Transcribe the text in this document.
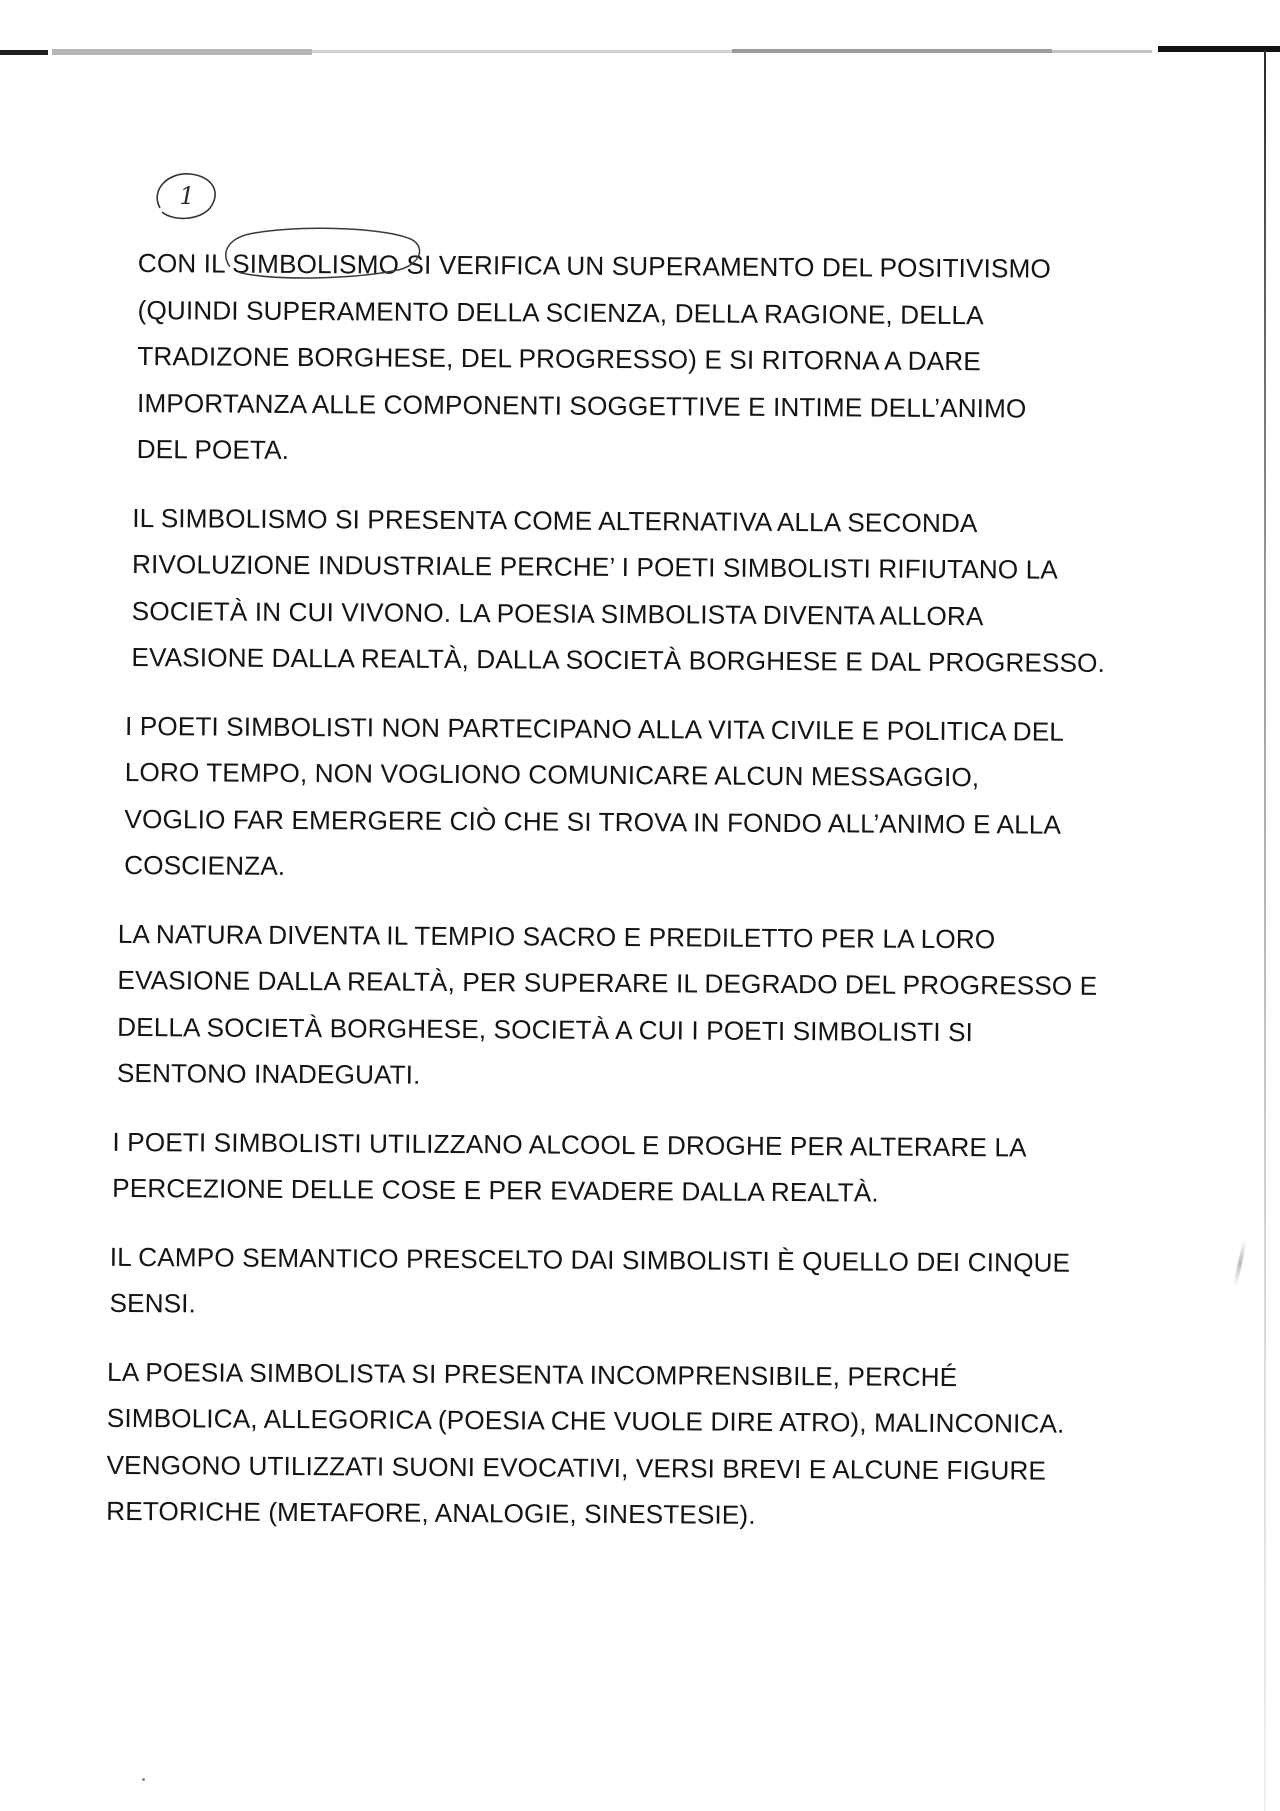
1

CON IL SIMBOLISMO
SI VERIFICA UN SUPERAMENTO DEL POSITIVISMO
(QUINDI SUPERAMENTO DELLA SCIENZA, DELLA RAGIONE, DELLA
TRADIZONE BORGHESE, DEL PROGRESSO) E SI RITORNA A DARE
IMPORTANZA ALLE COMPONENTI SOGGETTIVE E INTIME DELL’ANIMO
DEL POETA.

IL SIMBOLISMO SI PRESENTA COME ALTERNATIVA ALLA SECONDA
RIVOLUZIONE INDUSTRIALE PERCHE’ I POETI SIMBOLISTI RIFIUTANO LA
SOCIETÀ IN CUI VIVONO. LA POESIA SIMBOLISTA DIVENTA ALLORA
EVASIONE DALLA REALTÀ, DALLA SOCIETÀ BORGHESE E DAL PROGRESSO.

I POETI SIMBOLISTI NON PARTECIPANO ALLA VITA CIVILE E POLITICA DEL
LORO TEMPO, NON VOGLIONO COMUNICARE ALCUN MESSAGGIO,
VOGLIO FAR EMERGERE CIÒ CHE SI TROVA IN FONDO ALL’ANIMO E ALLA
COSCIENZA.

LA NATURA DIVENTA IL TEMPIO SACRO E PREDILETTO PER LA LORO
EVASIONE DALLA REALTÀ, PER SUPERARE IL DEGRADO DEL PROGRESSO E
DELLA SOCIETÀ BORGHESE, SOCIETÀ A CUI I POETI SIMBOLISTI SI
SENTONO INADEGUATI.

I POETI SIMBOLISTI UTILIZZANO ALCOOL E DROGHE PER ALTERARE LA
PERCEZIONE DELLE COSE E PER EVADERE DALLA REALTÀ.

IL CAMPO SEMANTICO PRESCELTO DAI SIMBOLISTI È QUELLO DEI CINQUE
SENSI.

LA POESIA SIMBOLISTA SI PRESENTA INCOMPRENSIBILE, PERCHÉ
SIMBOLICA, ALLEGORICA (POESIA CHE VUOLE DIRE ATRO), MALINCONICA.
VENGONO UTILIZZATI SUONI EVOCATIVI, VERSI BREVI E ALCUNE FIGURE
RETORICHE (METAFORE, ANALOGIE, SINESTESIE).
